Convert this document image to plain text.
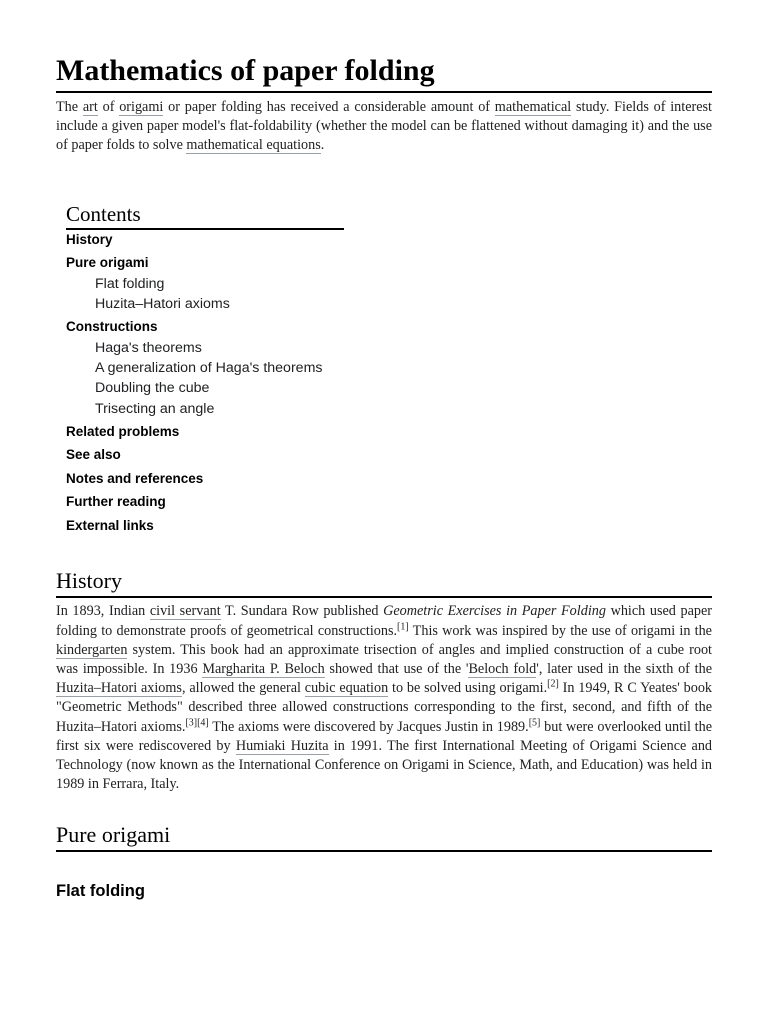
Mathematics of paper folding

The art of origami or paper folding has received a considerable amount of mathematical study. Fields of interest include a given paper model's flat-foldability (whether the model can be flattened without damaging it) and the use of paper folds to solve mathematical equations.

Contents
History
Pure origami
Flat folding
Huzita–Hatori axioms
Constructions
Haga's theorems
A generalization of Haga's theorems
Doubling the cube
Trisecting an angle
Related problems
See also
Notes and references
Further reading
External links
History

In 1893, Indian civil servant T. Sundara Row published Geometric Exercises in Paper Folding which used paper folding to demonstrate proofs of geometrical constructions.[1] This work was inspired by the use of origami in the kindergarten system. This book had an approximate trisection of angles and implied construction of a cube root was impossible. In 1936 Margharita P. Beloch showed that use of the 'Beloch fold', later used in the sixth of the Huzita–Hatori axioms, allowed the general cubic equation to be solved using origami.[2] In 1949, R C Yeates' book "Geometric Methods" described three allowed constructions corresponding to the first, second, and fifth of the Huzita–Hatori axioms.[3][4] The axioms were discovered by Jacques Justin in 1989.[5] but were overlooked until the first six were rediscovered by Humiaki Huzita in 1991. The first International Meeting of Origami Science and Technology (now known as the International Conference on Origami in Science, Math, and Education) was held in 1989 in Ferrara, Italy.

Pure origami
Flat folding
